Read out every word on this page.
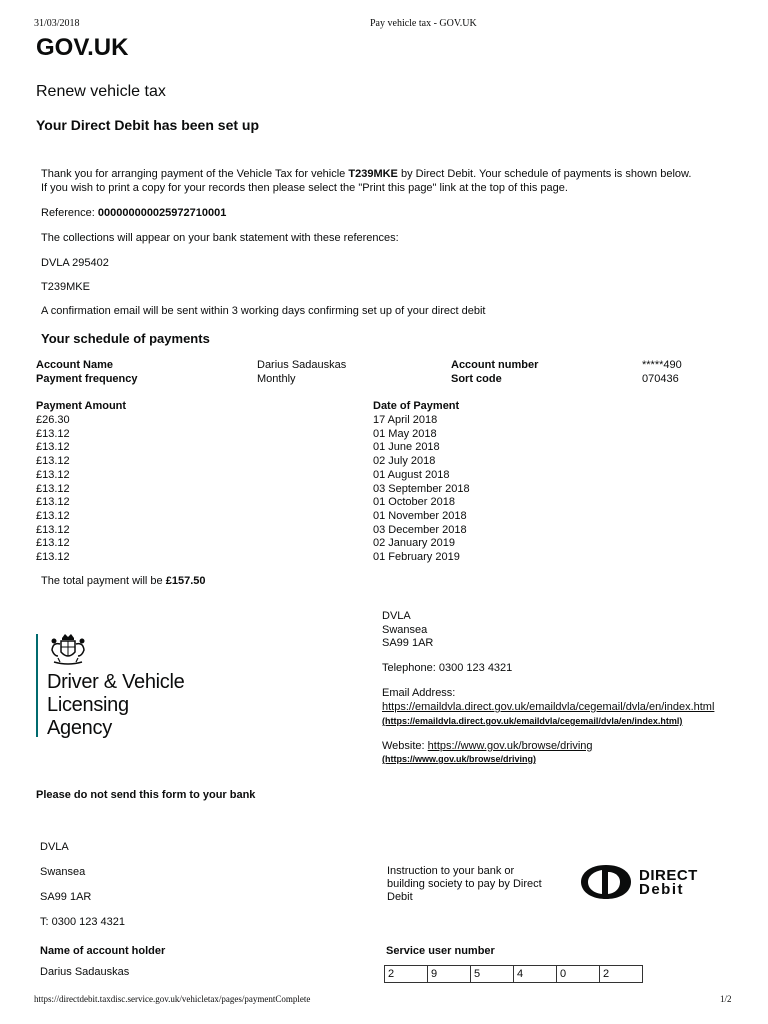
31/03/2018	Pay vehicle tax - GOV.UK
GOV.UK
Renew vehicle tax
Your Direct Debit has been set up
Thank you for arranging payment of the Vehicle Tax for vehicle T239MKE by Direct Debit. Your schedule of payments is shown below.
If you wish to print a copy for your records then please select the "Print this page" link at the top of this page.
Reference: 000000000025972710001
The collections will appear on your bank statement with these references:
DVLA 295402
T239MKE
A confirmation email will be sent within 3 working days confirming set up of your direct debit
Your schedule of payments
Account Name	Darius Sadauskas	Account number	*****490
Payment frequency	Monthly	Sort code	070436
Payment Amount	Date of Payment
£26.30	17 April 2018
£13.12	01 May 2018
£13.12	01 June 2018
£13.12	02 July 2018
£13.12	01 August 2018
£13.12	03 September 2018
£13.12	01 October 2018
£13.12	01 November 2018
£13.12	03 December 2018
£13.12	02 January 2019
£13.12	01 February 2019
The total payment will be £157.50
Driver & Vehicle
Licensing
Agency
DVLA
Swansea
SA99 1AR
Telephone: 0300 123 4321
Email Address:
https://emaildvla.direct.gov.uk/emaildvla/cegemail/dvla/en/index.html
(https://emaildvla.direct.gov.uk/emaildvla/cegemail/dvla/en/index.html)
Website: https://www.gov.uk/browse/driving
(https://www.gov.uk/browse/driving)
Please do not send this form to your bank
DVLA
Swansea
SA99 1AR
T: 0300 123 4321
Instruction to your bank or
building society to pay by Direct
Debit
DIRECT
Debit
Name of account holder
Darius Sadauskas
Service user number
2	9	5	4	0	2
https://directdebit.taxdisc.service.gov.uk/vehicletax/pages/paymentComplete	1/2
